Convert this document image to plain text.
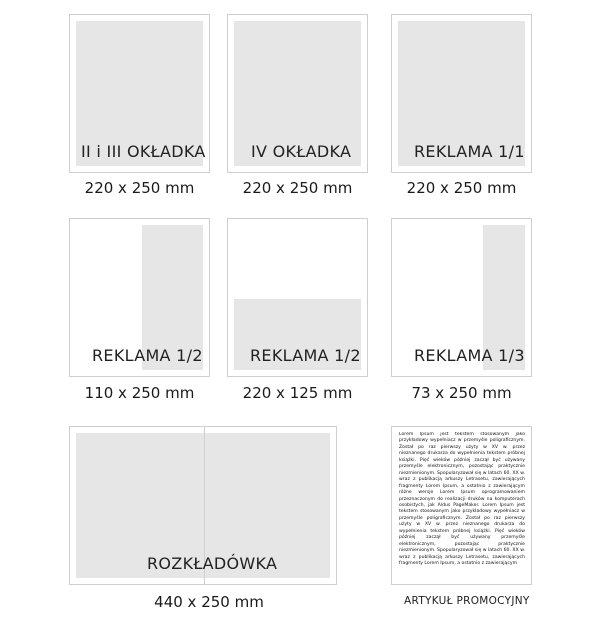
II i III OKŁADKA
220 x 250 mm
IV OKŁADKA
220 x 250 mm
REKLAMA 1/1
220 x 250 mm
REKLAMA 1/2
110 x 250 mm
REKLAMA 1/2
220 x 125 mm
REKLAMA 1/3
73 x 250 mm
ROZKŁADÓWKA
440 x 250 mm
Lorem Ipsum jest tekstem stosowanym jako przykładowy wypełniacz w przemyśle poligraficznym. Został po raz pierwszy użyty w XV w. przez nieznanego drukarza do wypełnienia tekstem próbnej książki. Pięć wieków później zaczął być używany przemyśle elektronicznym, pozostając praktycznie niezmienionym. Spopularyzował się w latach 60. XX w. wraz z publikacją arkuszy Letrasetu, zawierających fragmenty Lorem Ipsum, a ostatnio z zawierającym różne wersje Lorem Ipsum oprogramowaniem przeznaczonym do realizacji druków na komputerach osobistych, jak Aldus PageMaker. Lorem Ipsum jest tekstem stosowanym jako przykładowy wypełniacz w przemyśle poligraficznym. Został po raz pierwszy użyty w XV w. przez nieznanego drukarza do wypełnienia tekstem próbnej książki. Pięć wieków później zaczął być używany przemyśle elektronicznym, pozostając praktycznie niezmienionym. Spopularyzował się w latach 60. XX w. wraz z publikacją arkuszy Letrasetu, zawierających fragmenty Lorem Ipsum, a ostatnio z zawierającym
ARTYKUŁ PROMOCYJNY
